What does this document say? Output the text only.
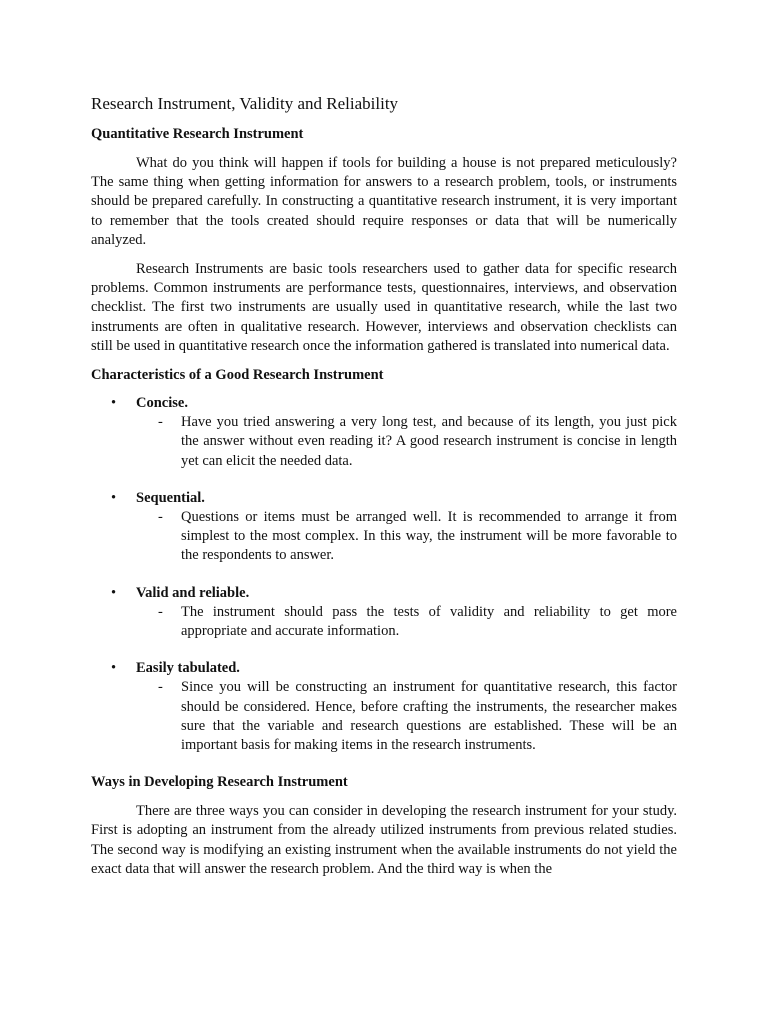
Research Instrument, Validity and Reliability
Quantitative Research Instrument

What do you think will happen if tools for building a house is not prepared meticulously? The same thing when getting information for answers to a research problem, tools, or instruments should be prepared carefully. In constructing a quantitative research instrument, it is very important to remember that the tools created should require responses or data that will be numerically analyzed.

Research Instruments are basic tools researchers used to gather data for specific research problems. Common instruments are performance tests, questionnaires, interviews, and observation checklist. The first two instruments are usually used in quantitative research, while the last two instruments are often in qualitative research. However, interviews and observation checklists can still be used in quantitative research once the information gathered is translated into numerical data.

Characteristics of a Good Research Instrument
• Concise.
- Have you tried answering a very long test, and because of its length, you just pick the answer without even reading it? A good research instrument is concise in length yet can elicit the needed data.
• Sequential.
- Questions or items must be arranged well. It is recommended to arrange it from simplest to the most complex. In this way, the instrument will be more favorable to the respondents to answer.
• Valid and reliable.
- The instrument should pass the tests of validity and reliability to get more appropriate and accurate information.
• Easily tabulated.
- Since you will be constructing an instrument for quantitative research, this factor should be considered. Hence, before crafting the instruments, the researcher makes sure that the variable and research questions are established. These will be an important basis for making items in the research instruments.
Ways in Developing Research Instrument

There are three ways you can consider in developing the research instrument for your study. First is adopting an instrument from the already utilized instruments from previous related studies. The second way is modifying an existing instrument when the available instruments do not yield the exact data that will answer the research problem. And the third way is when the
